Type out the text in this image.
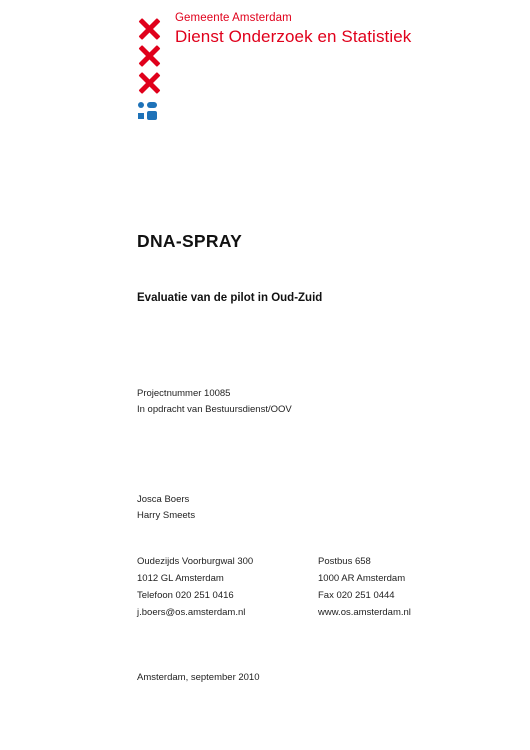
Gemeente Amsterdam
Dienst Onderzoek en Statistiek
DNA-SPRAY
Evaluatie van de pilot in Oud-Zuid
Projectnummer 10085
In opdracht van Bestuursdienst/OOV
Josca Boers
Harry Smeets
Oudezijds Voorburgwal 300
1012 GL Amsterdam
Telefoon 020 251 0416
j.boers@os.amsterdam.nl
Postbus 658
1000 AR Amsterdam
Fax 020 251 0444
www.os.amsterdam.nl
Amsterdam, september 2010
